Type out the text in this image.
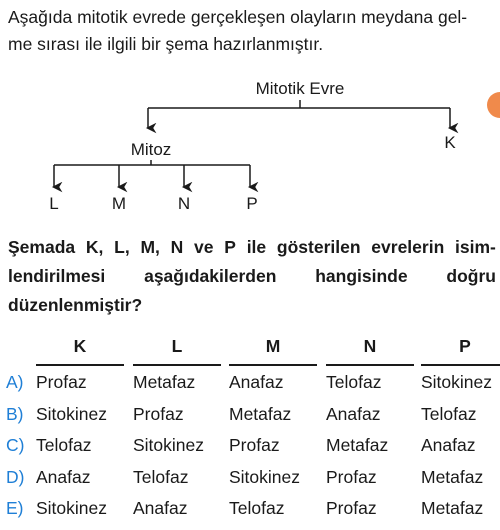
Aşağıda mitotik evrede gerçekleşen olayların meydana gel-
me sırası ile ilgili bir şema hazırlanmıştır.
Mitotik Evre
Mitoz	K
L	M	N	P
Şemada K, L, M, N ve P ile gösterilen evrelerin isim-
lendirilmesi aşağıdakilerden hangisinde doğru
düzenlenmiştir?
K	L	M	N	P
A) Profaz	Metafaz Anafaz Telofaz Sitokinez
B) Sitokinez Profaz	Metafaz Anafaz Telofaz
C) Telofaz Sitokinez Profaz	Metafaz Anafaz
D) Anafaz Telofaz Sitokinez Profaz	Metafaz
E) Sitokinez Anafaz Telofaz Profaz	Metafaz
